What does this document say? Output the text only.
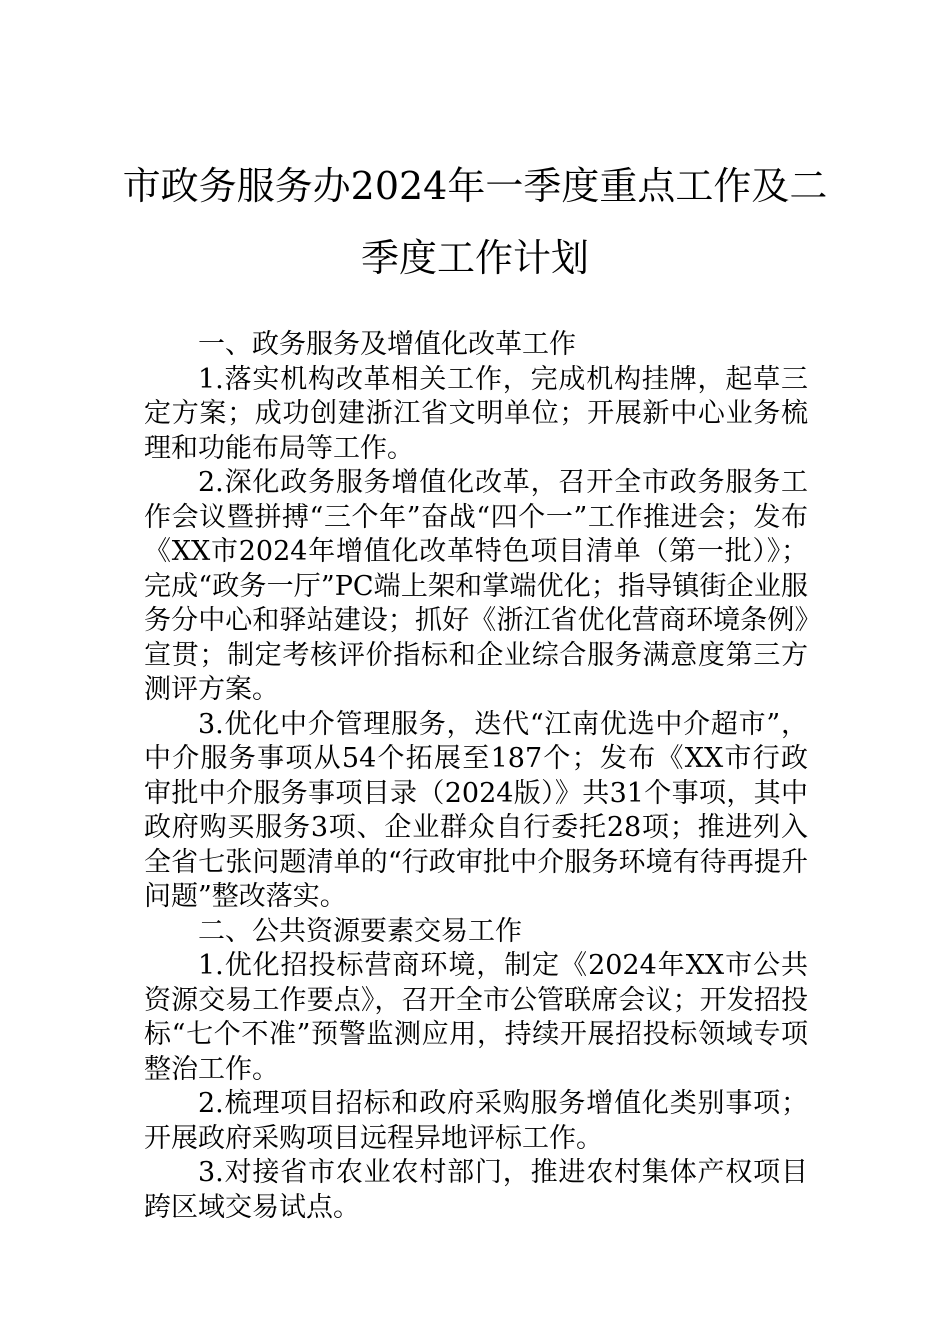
市政务服务办2024年一季度重点工作及二季度工作计划

一、政务服务及增值化改革工作

1.落实机构改革相关工作，完成机构挂牌，起草三定方案；成功创建浙江省文明单位；开展新中心业务梳理和功能布局等工作。

2.深化政务服务增值化改革，召开全市政务服务工作会议暨拼搏“三个年”奋战“四个一”工作推进会；发布《XX市2024年增值化改革特色项目清单（第一批）》；完成“政务一厅”PC端上架和掌端优化；指导镇街企业服务分中心和驿站建设；抓好《浙江省优化营商环境条例》宣贯；制定考核评价指标和企业综合服务满意度第三方测评方案。

3.优化中介管理服务，迭代“江南优选中介超市”，中介服务事项从54个拓展至187个；发布《XX市行政审批中介服务事项目录（2024版）》共31个事项，其中政府购买服务3项、企业群众自行委托28项；推进列入全省七张问题清单的“行政审批中介服务环境有待再提升问题”整改落实。

二、公共资源要素交易工作

1.优化招投标营商环境，制定《2024年XX市公共资源交易工作要点》，召开全市公管联席会议；开发招投标“七个不准”预警监测应用，持续开展招投标领域专项整治工作。

2.梳理项目招标和政府采购服务增值化类别事项；开展政府采购项目远程异地评标工作。

3.对接省市农业农村部门，推进农村集体产权项目跨区域交易试点。
